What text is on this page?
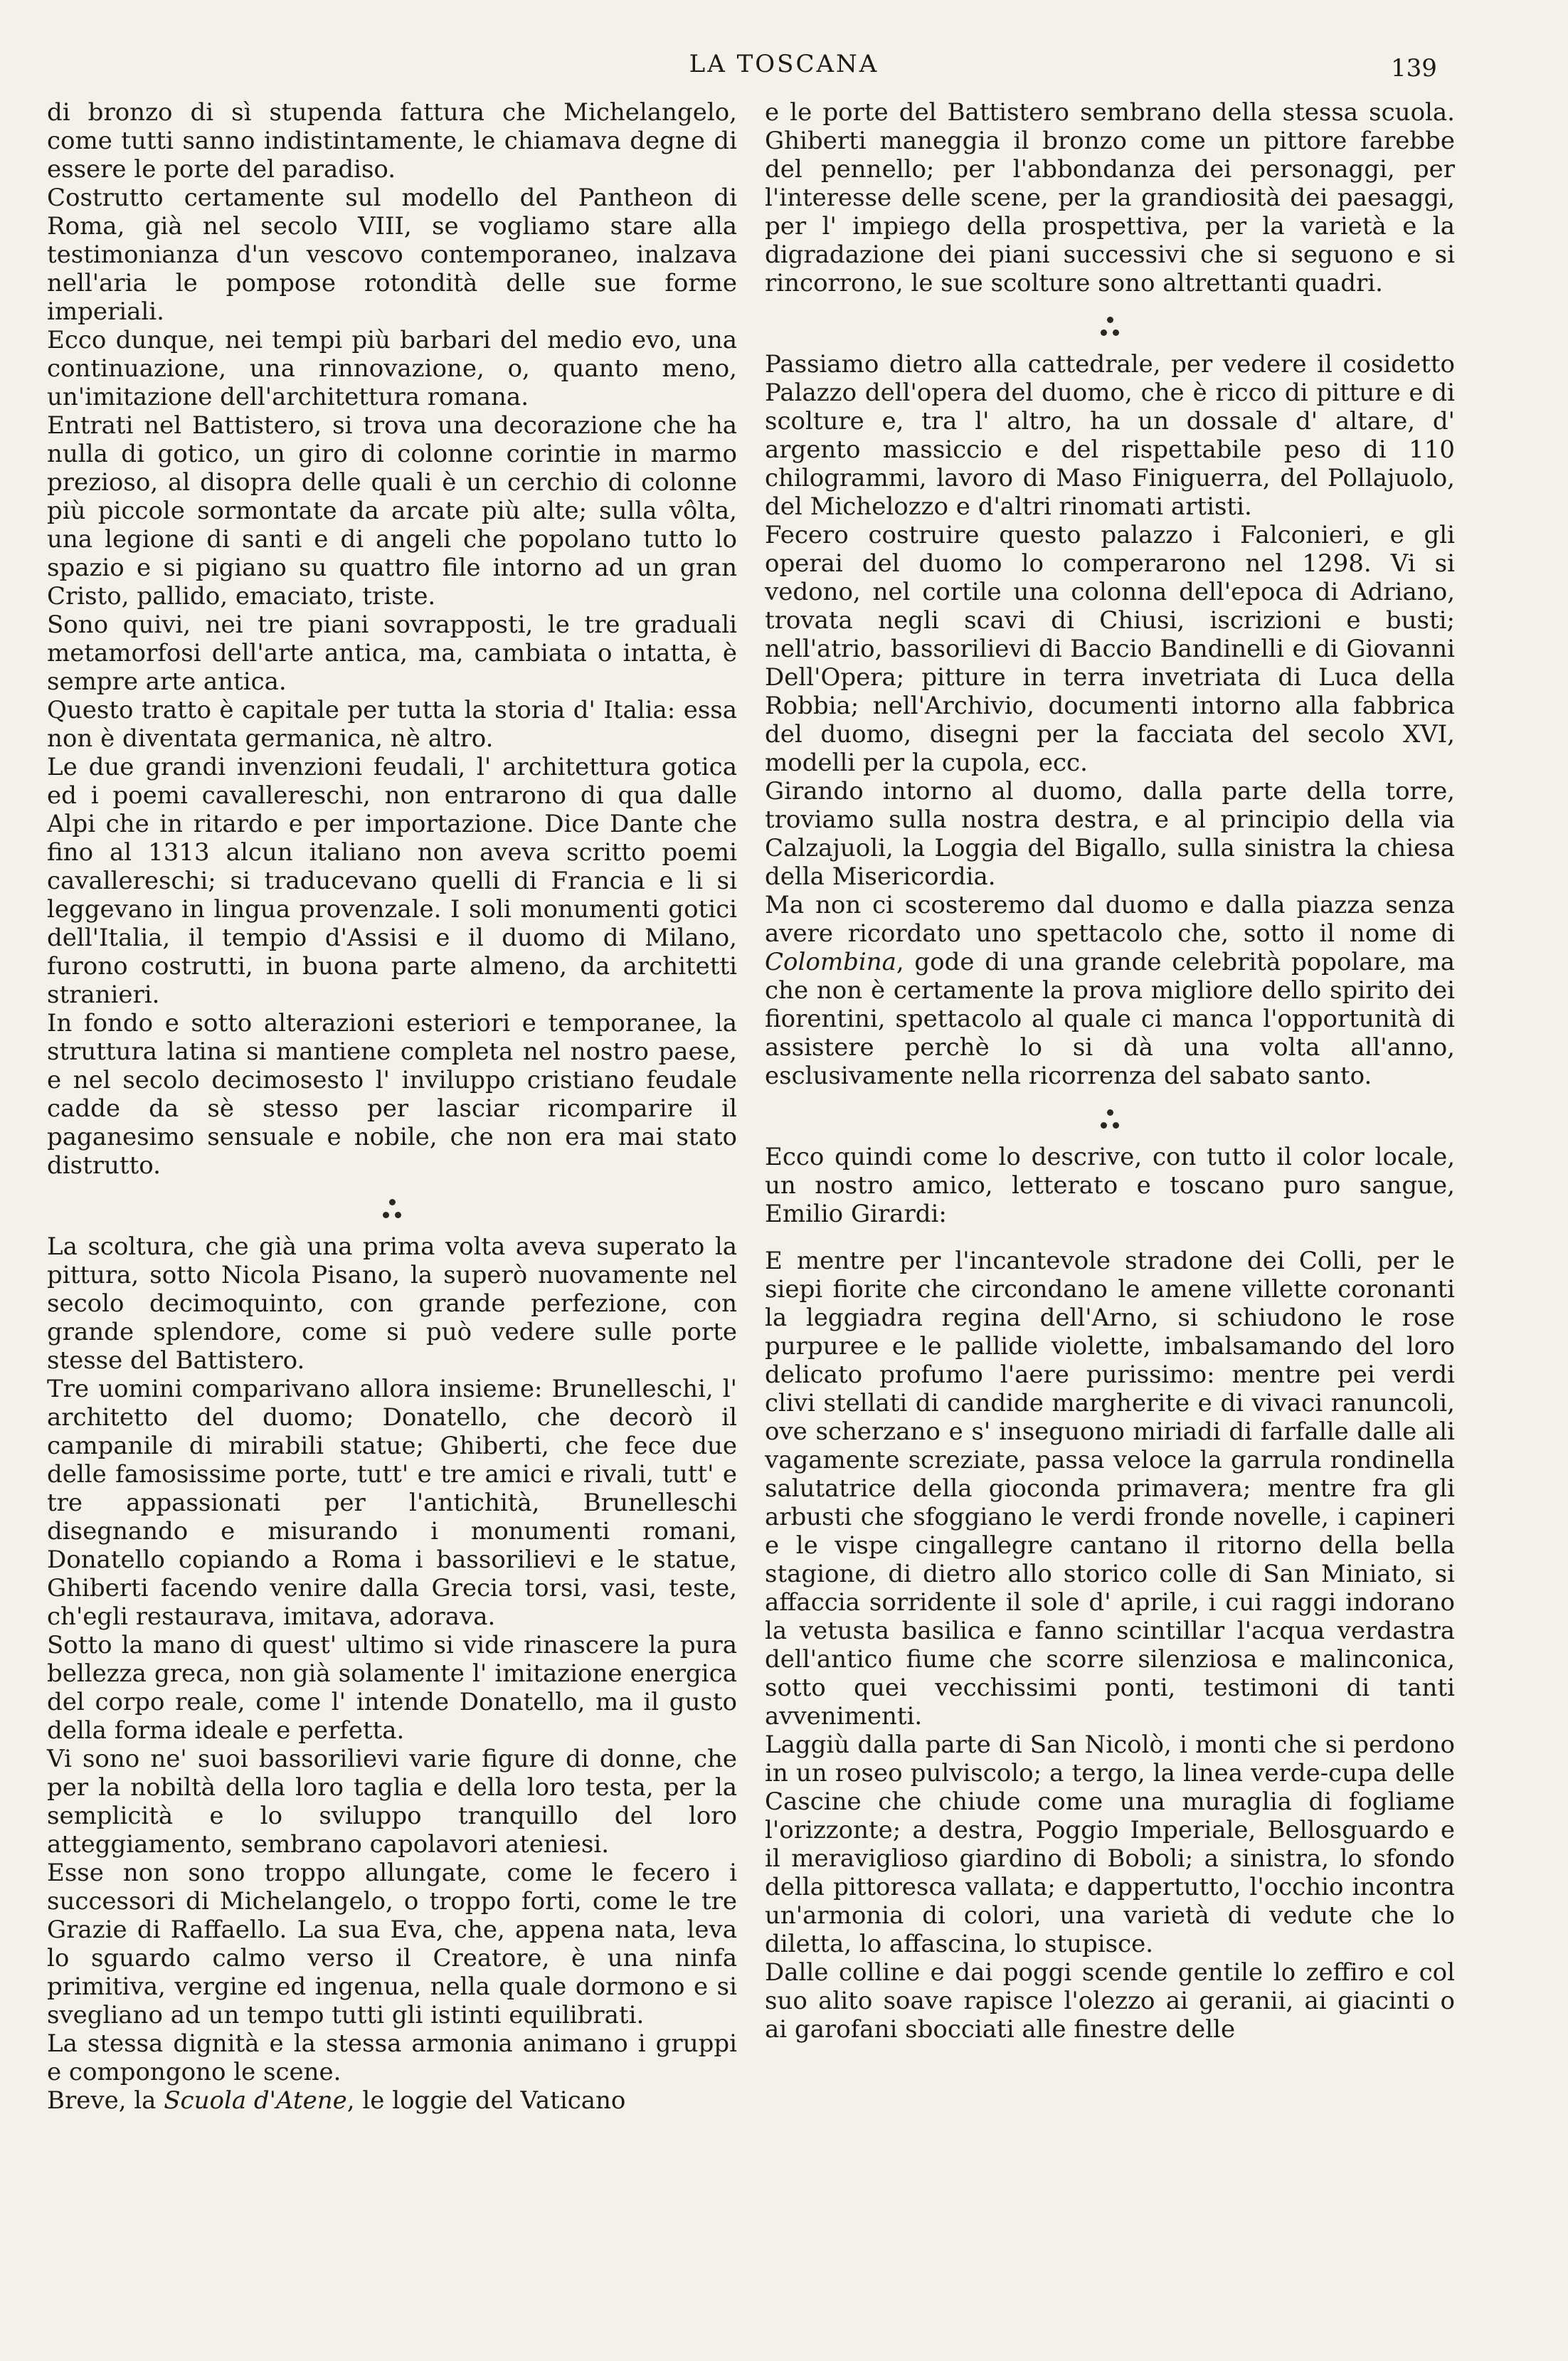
LA TOSCANA	139

di bronzo di sì stupenda fattura che Michelangelo, come tutti sanno indistintamente, le chiamava degne di essere le porte del paradiso.

Costrutto certamente sul modello del Pantheon di Roma, già nel secolo VIII, se vogliamo stare alla testimonianza d'un vescovo contemporaneo, inalzava nell'aria le pompose rotondità delle sue forme imperiali.

Ecco dunque, nei tempi più barbari del medio evo, una continuazione, una rinnovazione, o, quanto meno, un'imitazione dell'architettura romana.

Entrati nel Battistero, si trova una decorazione che ha nulla di gotico, un giro di colonne corintie in marmo prezioso, al disopra delle quali è un cerchio di colonne più piccole sormontate da arcate più alte; sulla vôlta, una legione di santi e di angeli che popolano tutto lo spazio e si pigiano su quattro file intorno ad un gran Cristo, pallido, emaciato, triste.

Sono quivi, nei tre piani sovrapposti, le tre graduali metamorfosi dell'arte antica, ma, cambiata o intatta, è sempre arte antica.

Questo tratto è capitale per tutta la storia d' Italia: essa non è diventata germanica, nè altro.

Le due grandi invenzioni feudali, l' architettura gotica ed i poemi cavallereschi, non entrarono di qua dalle Alpi che in ritardo e per importazione. Dice Dante che fino al 1313 alcun italiano non aveva scritto poemi cavallereschi; si traducevano quelli di Francia e li si leggevano in lingua provenzale. I soli monumenti gotici dell'Italia, il tempio d'Assisi e il duomo di Milano, furono costrutti, in buona parte almeno, da architetti stranieri.

In fondo e sotto alterazioni esteriori e temporanee, la struttura latina si mantiene completa nel nostro paese, e nel secolo decimosesto l' inviluppo cristiano feudale cadde da sè stesso per lasciar ricomparire il paganesimo sensuale e nobile, che non era mai stato distrutto.

La scoltura, che già una prima volta aveva superato la pittura, sotto Nicola Pisano, la superò nuovamente nel secolo decimoquinto, con grande perfezione, con grande splendore, come si può vedere sulle porte stesse del Battistero.

Tre uomini comparivano allora insieme: Brunelleschi, l' architetto del duomo; Donatello, che decorò il campanile di mirabili statue; Ghiberti, che fece due delle famosissime porte, tutt' e tre amici e rivali, tutt' e tre appassionati per l'antichità, Brunelleschi disegnando e misurando i monumenti romani, Donatello copiando a Roma i bassorilievi e le statue, Ghiberti facendo venire dalla Grecia torsi, vasi, teste, ch'egli restaurava, imitava, adorava.

Sotto la mano di quest' ultimo si vide rinascere la pura bellezza greca, non già solamente l' imitazione energica del corpo reale, come l' intende Donatello, ma il gusto della forma ideale e perfetta.

Vi sono ne' suoi bassorilievi varie figure di donne, che per la nobiltà della loro taglia e della loro testa, per la semplicità e lo sviluppo tranquillo del loro atteggiamento, sembrano capolavori ateniesi.

Esse non sono troppo allungate, come le fecero i successori di Michelangelo, o troppo forti, come le tre Grazie di Raffaello. La sua Eva, che, appena nata, leva lo sguardo calmo verso il Creatore, è una ninfa primitiva, vergine ed ingenua, nella quale dormono e si svegliano ad un tempo tutti gli istinti equilibrati.

La stessa dignità e la stessa armonia animano i gruppi e compongono le scene.

Breve, la Scuola d'Atene, le loggie del Vaticano

e le porte del Battistero sembrano della stessa scuola. Ghiberti maneggia il bronzo come un pittore farebbe del pennello; per l'abbondanza dei personaggi, per l'interesse delle scene, per la grandiosità dei paesaggi, per l' impiego della prospettiva, per la varietà e la digradazione dei piani successivi che si seguono e si rincorrono, le sue scolture sono altrettanti quadri.

Passiamo dietro alla cattedrale, per vedere il cosidetto Palazzo dell'opera del duomo, che è ricco di pitture e di scolture e, tra l' altro, ha un dossale d' altare, d' argento massiccio e del rispettabile peso di 110 chilogrammi, lavoro di Maso Finiguerra, del Pollajuolo, del Michelozzo e d'altri rinomati artisti.

Fecero costruire questo palazzo i Falconieri, e gli operai del duomo lo comperarono nel 1298. Vi si vedono, nel cortile una colonna dell'epoca di Adriano, trovata negli scavi di Chiusi, iscrizioni e busti; nell'atrio, bassorilievi di Baccio Bandinelli e di Giovanni Dell'Opera; pitture in terra invetriata di Luca della Robbia; nell'Archivio, documenti intorno alla fabbrica del duomo, disegni per la facciata del secolo XVI, modelli per la cupola, ecc.

Girando intorno al duomo, dalla parte della torre, troviamo sulla nostra destra, e al principio della via Calzajuoli, la Loggia del Bigallo, sulla sinistra la chiesa della Misericordia.

Ma non ci scosteremo dal duomo e dalla piazza senza avere ricordato uno spettacolo che, sotto il nome di Colombina, gode di una grande celebrità popolare, ma che non è certamente la prova migliore dello spirito dei fiorentini, spettacolo al quale ci manca l'opportunità di assistere perchè lo si dà una volta all'anno, esclusivamente nella ricorrenza del sabato santo.

Ecco quindi come lo descrive, con tutto il color locale, un nostro amico, letterato e toscano puro sangue, Emilio Girardi:

E mentre per l'incantevole stradone dei Colli, per le siepi fiorite che circondano le amene villette coronanti la leggiadra regina dell'Arno, si schiudono le rose purpuree e le pallide violette, imbalsamando del loro delicato profumo l'aere purissimo: mentre pei verdi clivi stellati di candide margherite e di vivaci ranuncoli, ove scherzano e s' inseguono miriadi di farfalle dalle ali vagamente screziate, passa veloce la garrula rondinella salutatrice della gioconda primavera; mentre fra gli arbusti che sfoggiano le verdi fronde novelle, i capineri e le vispe cingallegre cantano il ritorno della bella stagione, di dietro allo storico colle di San Miniato, si affaccia sorridente il sole d' aprile, i cui raggi indorano la vetusta basilica e fanno scintillar l'acqua verdastra dell'antico fiume che scorre silenziosa e malinconica, sotto quei vecchissimi ponti, testimoni di tanti avvenimenti.

Laggiù dalla parte di San Nicolò, i monti che si perdono in un roseo pulviscolo; a tergo, la linea verde-cupa delle Cascine che chiude come una muraglia di fogliame l'orizzonte; a destra, Poggio Imperiale, Bellosguardo e il meraviglioso giardino di Boboli; a sinistra, lo sfondo della pittoresca vallata; e dappertutto, l'occhio incontra un'armonia di colori, una varietà di vedute che lo diletta, lo affascina, lo stupisce.

Dalle colline e dai poggi scende gentile lo zeffiro e col suo alito soave rapisce l'olezzo ai geranii, ai giacinti o ai garofani sbocciati alle finestre delle
